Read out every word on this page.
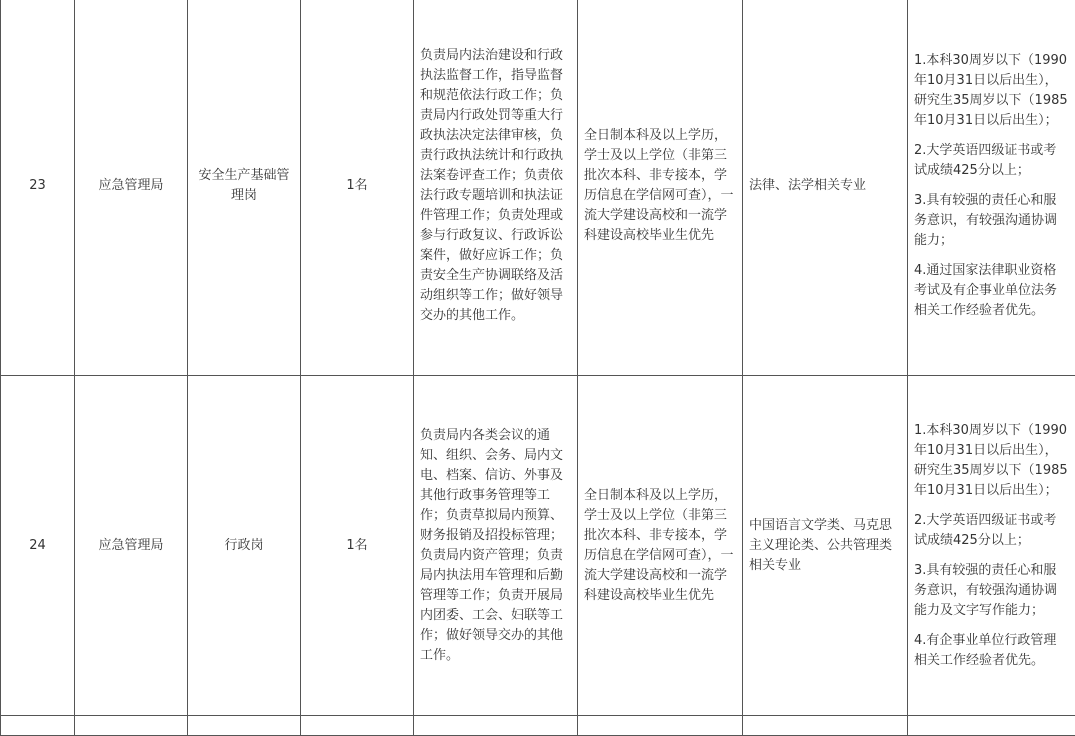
23	应急管理局	安全生产基础管理岗	1名	负责局内法治建设和行政执法监督工作，指导监督和规范依法行政工作；负责局内行政处罚等重大行政执法决定法律审核，负责行政执法统计和行政执法案卷评查工作；负责依法行政专题培训和执法证件管理工作；负责处理或参与行政复议、行政诉讼案件，做好应诉工作；负责安全生产协调联络及活动组织等工作；做好领导交办的其他工作。	全日制本科及以上学历，学士及以上学位（非第三批次本科、非专接本，学历信息在学信网可查），一流大学建设高校和一流学科建设高校毕业生优先	法律、法学相关专业	1.本科30周岁以下（1990年10月31日以后出生），研究生35周岁以下（1985年10月31日以后出生）；

2.大学英语四级证书或考试成绩425分以上；

3.具有较强的责任心和服务意识，有较强沟通协调能力；

4.通过国家法律职业资格考试及有企事业单位法务相关工作经验者优先。

24	应急管理局	行政岗	1名	负责局内各类会议的通知、组织、会务、局内文电、档案、信访、外事及其他行政事务管理等工作；负责草拟局内预算、财务报销及招投标管理；负责局内资产管理；负责局内执法用车管理和后勤管理等工作；负责开展局内团委、工会、妇联等工作；做好领导交办的其他工作。	全日制本科及以上学历，学士及以上学位（非第三批次本科、非专接本，学历信息在学信网可查），一流大学建设高校和一流学科建设高校毕业生优先	中国语言文学类、马克思主义理论类、公共管理类相关专业	1.本科30周岁以下（1990年10月31日以后出生），研究生35周岁以下（1985年10月31日以后出生）；

2.大学英语四级证书或考试成绩425分以上；

3.具有较强的责任心和服务意识，有较强沟通协调能力及文字写作能力；

4.有企事业单位行政管理相关工作经验者优先。
